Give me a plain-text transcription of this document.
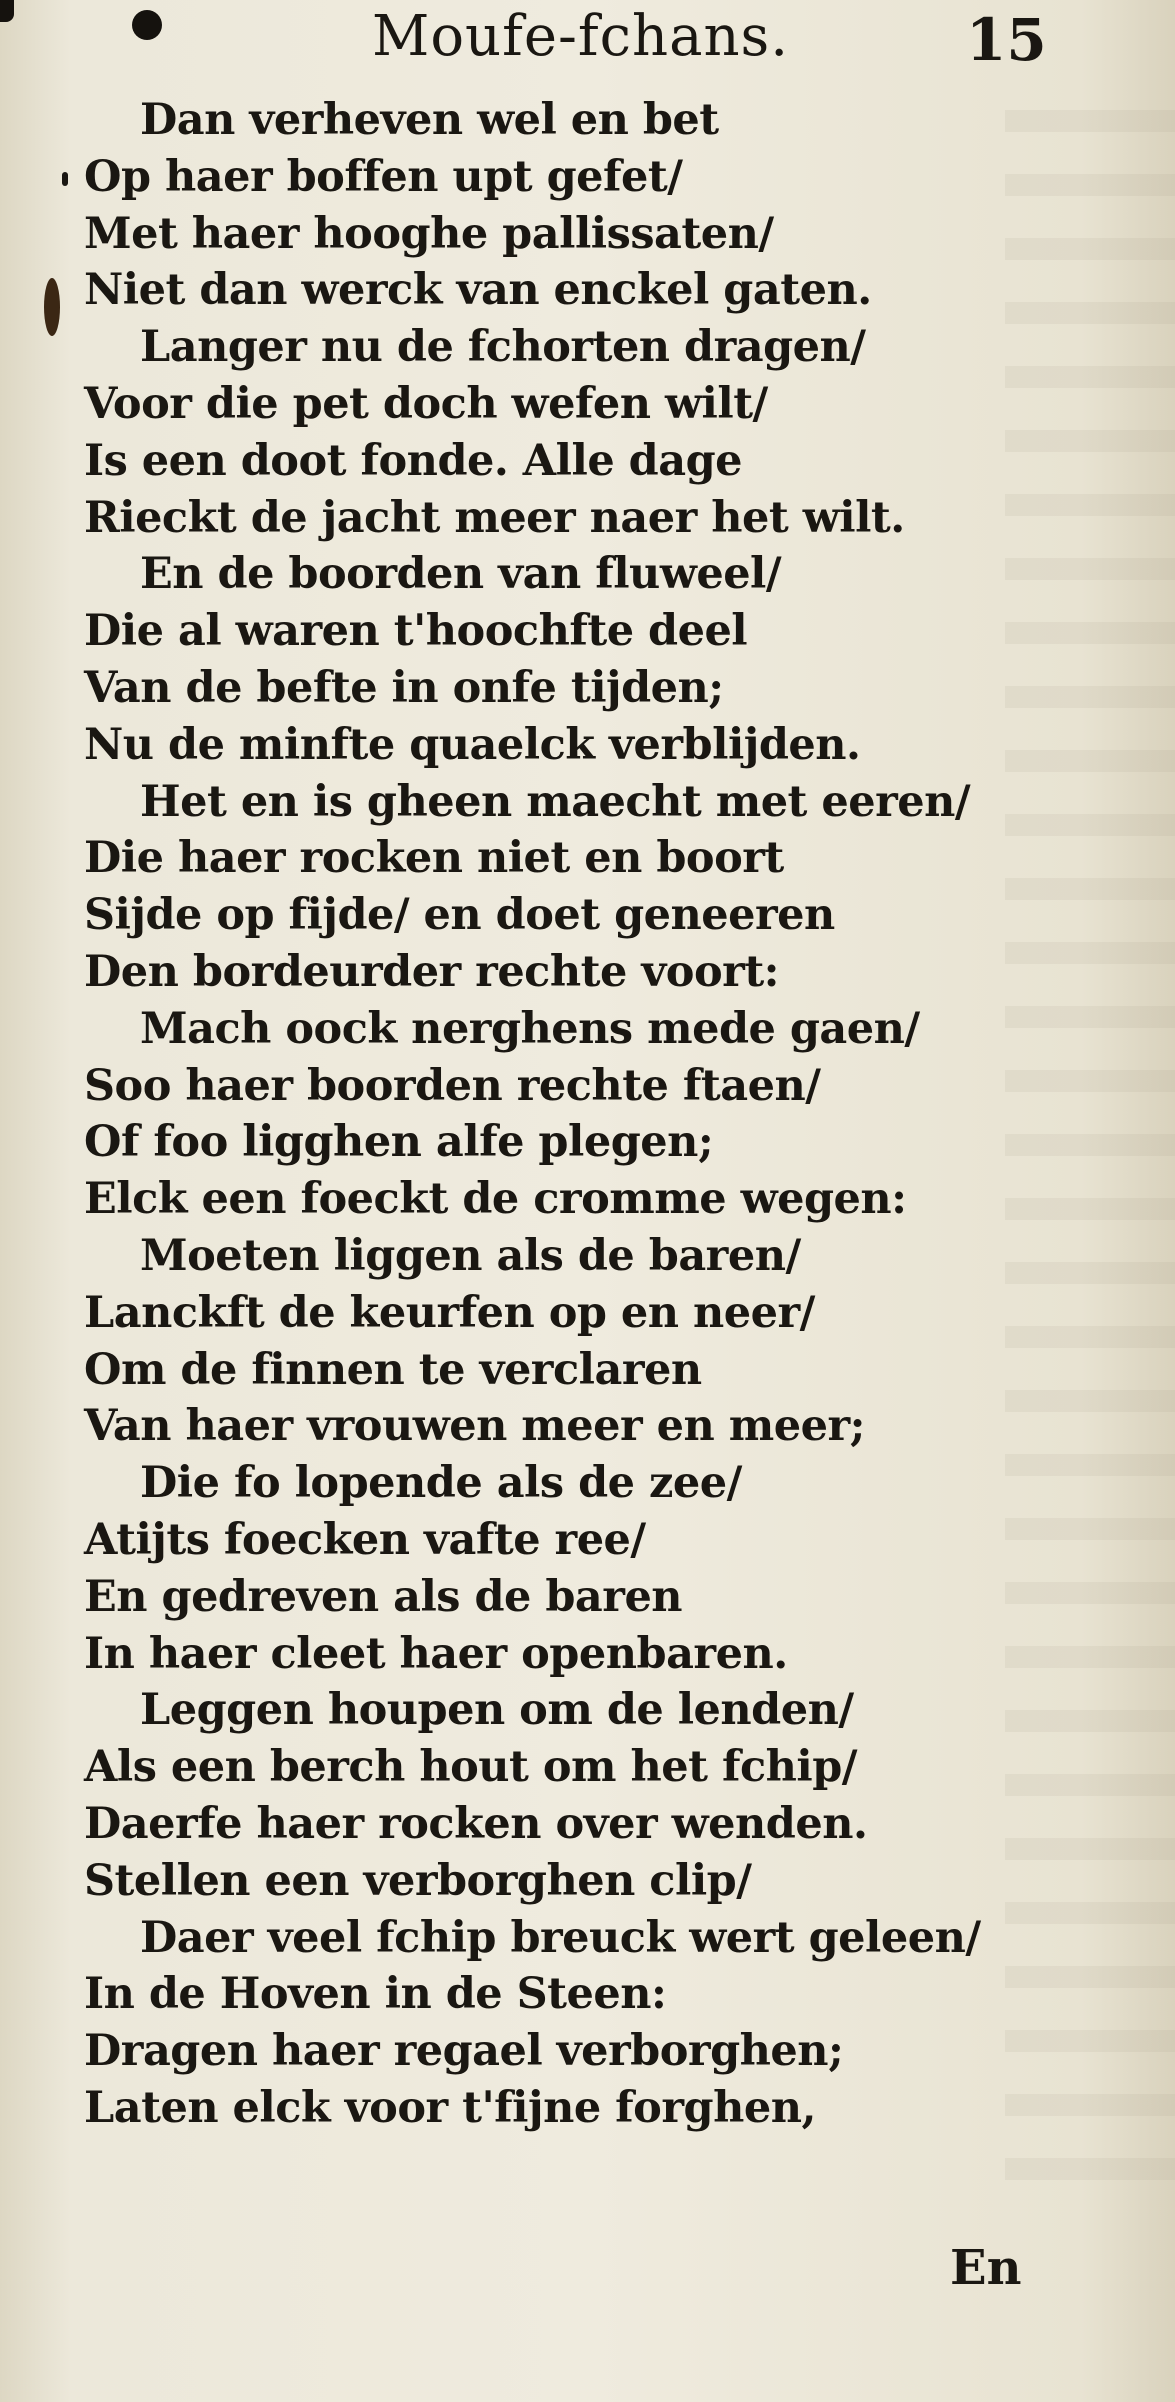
Moufe-fchans.	15
Dan verheven wel en bet
Op haer boffen upt gefet/
Met haer hooghe pallissaten/
Niet dan werck van enckel gaten.
Langer nu de fchorten dragen/
Voor die pet doch wefen wilt/
Is een doot fonde. Alle dage
Rieckt de jacht meer naer het wilt.
En de boorden van fluweel/
Die al waren t'hoochfte deel
Van de befte in onfe tijden;
Nu de minfte quaelck verblijden.
Het en is gheen maecht met eeren/
Die haer rocken niet en boort
Sijde op fijde/ en doet geneeren
Den bordeurder rechte voort:
Mach oock nerghens mede gaen/
Soo haer boorden rechte ftaen/
Of foo ligghen alfe plegen;
Elck een foeckt de cromme wegen:
Moeten liggen als de baren/
Lanckft de keurfen op en neer/
Om de finnen te verclaren
Van haer vrouwen meer en meer;
Die fo lopende als de zee/
Atijts foecken vafte ree/
En gedreven als de baren
In haer cleet haer openbaren.
Leggen houpen om de lenden/
Als een berch hout om het fchip/
Daerfe haer rocken over wenden.
Stellen een verborghen clip/
Daer veel fchip breuck wert geleen/
In de Hoven in de Steen:
Dragen haer regael verborghen;
Laten elck voor t'fijne forghen,
En
